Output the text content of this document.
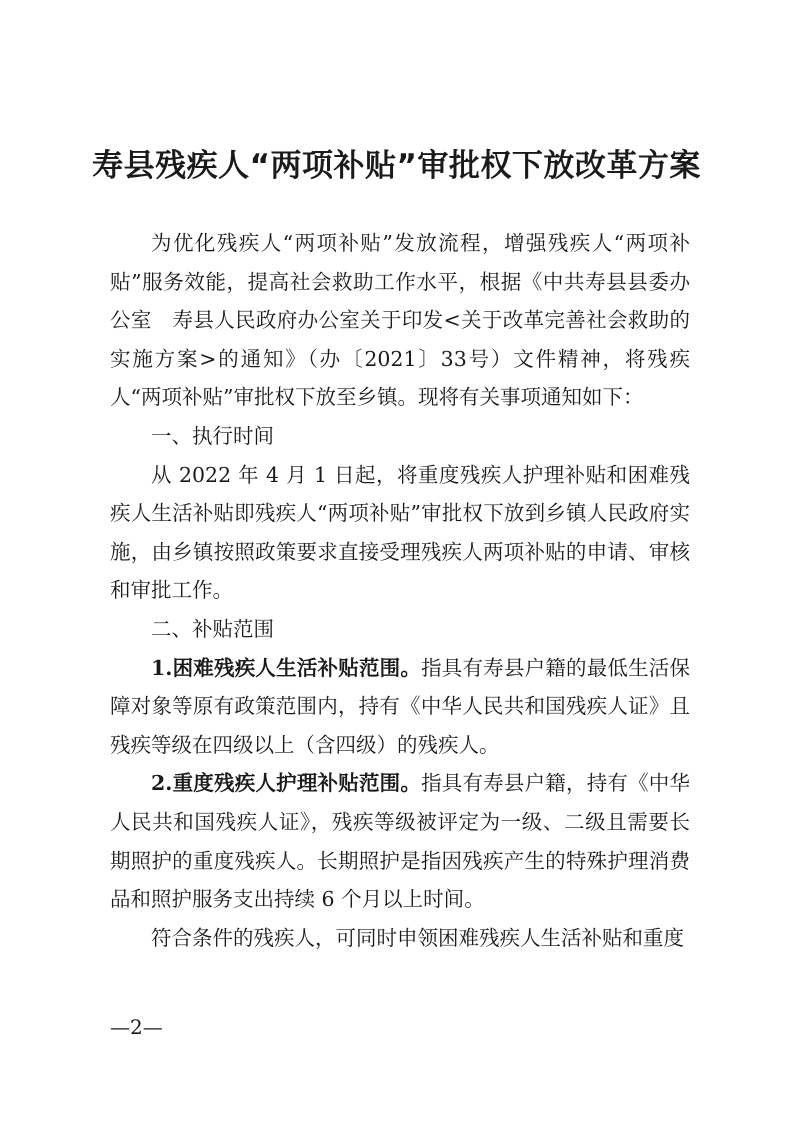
寿县残疾人“两项补贴”审批权下放改革方案

为优化残疾人“两项补贴”发放流程，增强残疾人“两项补贴”服务效能，提高社会救助工作水平，根据《中共寿县县委办公室　寿县人民政府办公室关于印发<关于改革完善社会救助的实施方案>的通知》（办〔2021〕33号）文件精神，将残疾人“两项补贴”审批权下放至乡镇。现将有关事项通知如下：

一、执行时间

从 2022 年 4 月 1 日起，将重度残疾人护理补贴和困难残疾人生活补贴即残疾人“两项补贴”审批权下放到乡镇人民政府实施，由乡镇按照政策要求直接受理残疾人两项补贴的申请、审核和审批工作。

二、补贴范围

1.困难残疾人生活补贴范围。指具有寿县户籍的最低生活保障对象等原有政策范围内，持有《中华人民共和国残疾人证》且残疾等级在四级以上（含四级）的残疾人。

2.重度残疾人护理补贴范围。指具有寿县户籍，持有《中华人民共和国残疾人证》，残疾等级被评定为一级、二级且需要长期照护的重度残疾人。长期照护是指因残疾产生的特殊护理消费品和照护服务支出持续 6 个月以上时间。

符合条件的残疾人，可同时申领困难残疾人生活补贴和重度

—2—
